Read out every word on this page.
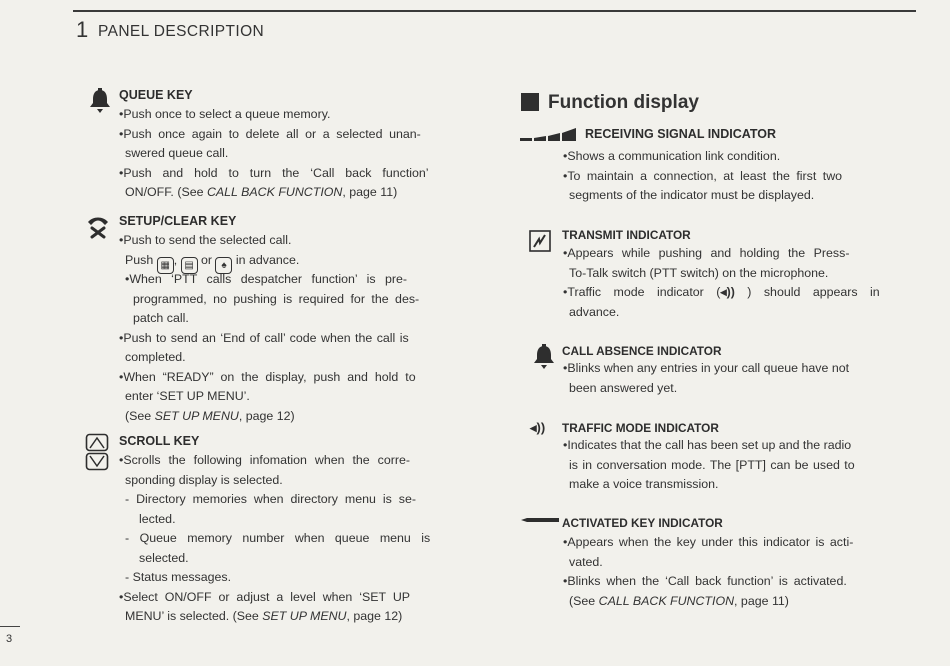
1 PANEL DESCRIPTION
3
QUEUE KEY
•Push once to select a queue memory.
•Push once again to delete all or a selected unan-
swered queue call.
•Push and hold to turn the ‘Call back function’
ON/OFF. (See CALL BACK FUNCTION, page 11)
SETUP/CLEAR KEY
•Push to send the selected call.
Push ▦ , ▤ or ♠ in advance.
•When ‘PTT calls despatcher function’ is pre-
programmed, no pushing is required for the des-
patch call.
•Push to send an ‘End of call’ code when the call is
completed.
•When “READY” on the display, push and hold to
enter ‘SET UP MENU’.
(See SET UP MENU, page 12)
SCROLL KEY
•Scrolls the following infomation when the corre-
sponding display is selected.
- Directory memories when directory menu is se-
lected.
- Queue memory number when queue menu is
selected.
- Status messages.
•Select ON/OFF or adjust a level when ‘SET UP
MENU’ is selected. (See SET UP MENU, page 12)
Function display
RECEIVING SIGNAL INDICATOR
•Shows a communication link condition.
•To maintain a connection, at least the first two
segments of the indicator must be displayed.
TRANSMIT INDICATOR
•Appears while pushing and holding the Press-
To-Talk switch (PTT switch) on the microphone.
•Traffic mode indicator (◂)) ) should appears in
advance.
CALL ABSENCE INDICATOR
•Blinks when any entries in your call queue have not
been answered yet.
◂)) TRAFFIC MODE INDICATOR
•Indicates that the call has been set up and the radio
is in conversation mode. The [PTT] can be used to
make a voice transmission.
ACTIVATED KEY INDICATOR
•Appears when the key under this indicator is acti-
vated.
•Blinks when the ‘Call back function’ is activated.
(See CALL BACK FUNCTION, page 11)
